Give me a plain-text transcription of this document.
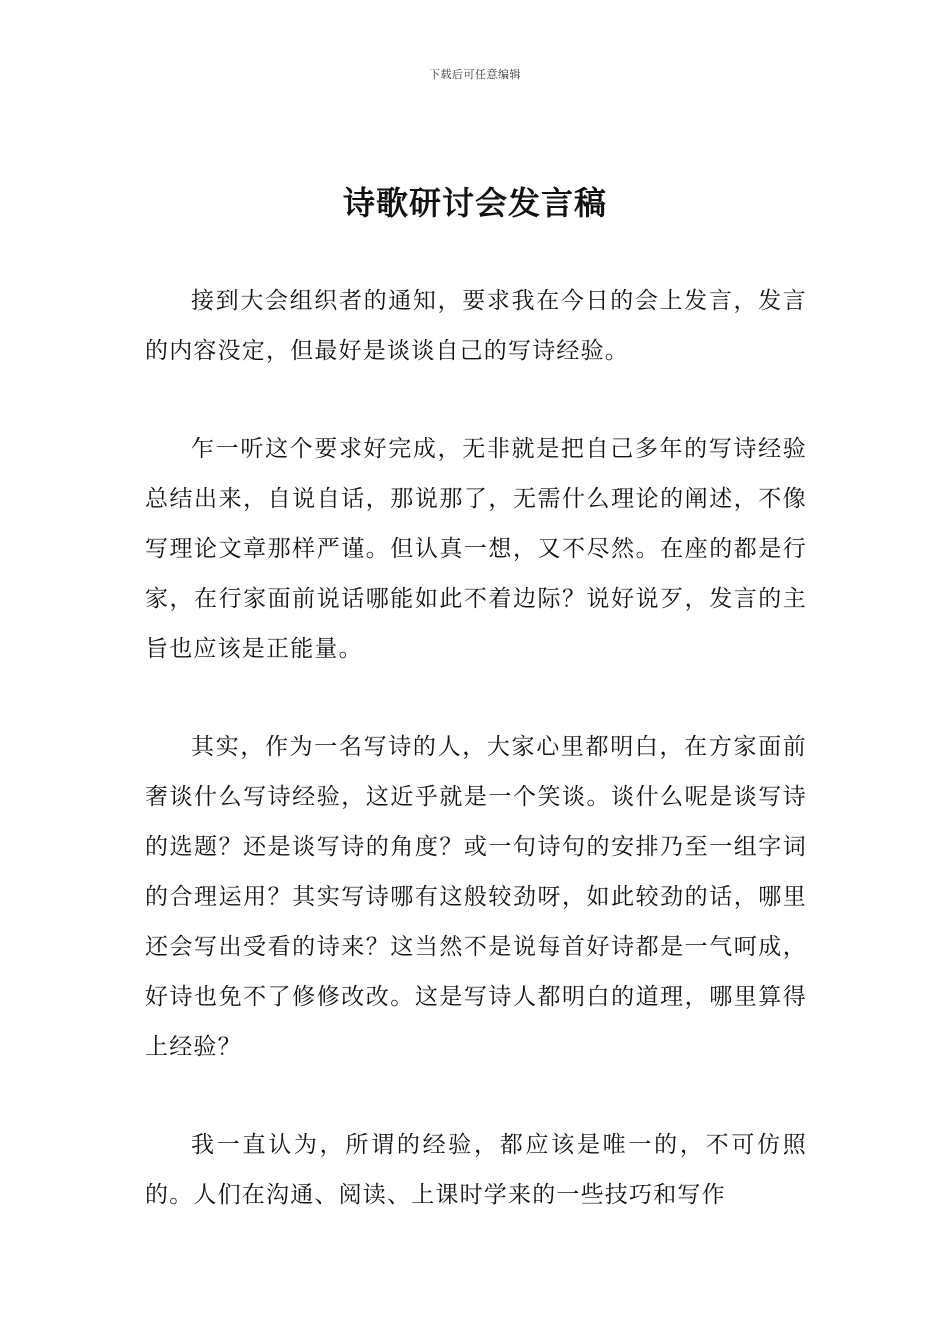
下载后可任意编辑
诗歌研讨会发言稿

接到大会组织者的通知，要求我在今日的会上发言，发言的内容没定，但最好是谈谈自己的写诗经验。

乍一听这个要求好完成，无非就是把自己多年的写诗经验总结出来，自说自话，那说那了，无需什么理论的阐述，不像写理论文章那样严谨。但认真一想，又不尽然。在座的都是行家，在行家面前说话哪能如此不着边际？说好说歹，发言的主旨也应该是正能量。

其实，作为一名写诗的人，大家心里都明白，在方家面前奢谈什么写诗经验，这近乎就是一个笑谈。谈什么呢是谈写诗的选题？还是谈写诗的角度？或一句诗句的安排乃至一组字词的合理运用？其实写诗哪有这般较劲呀，如此较劲的话，哪里还会写出受看的诗来？这当然不是说每首好诗都是一气呵成，好诗也免不了修修改改。这是写诗人都明白的道理，哪里算得上经验？

我一直认为，所谓的经验，都应该是唯一的，不可仿照的。人们在沟通、阅读、上课时学来的一些技巧和写作
